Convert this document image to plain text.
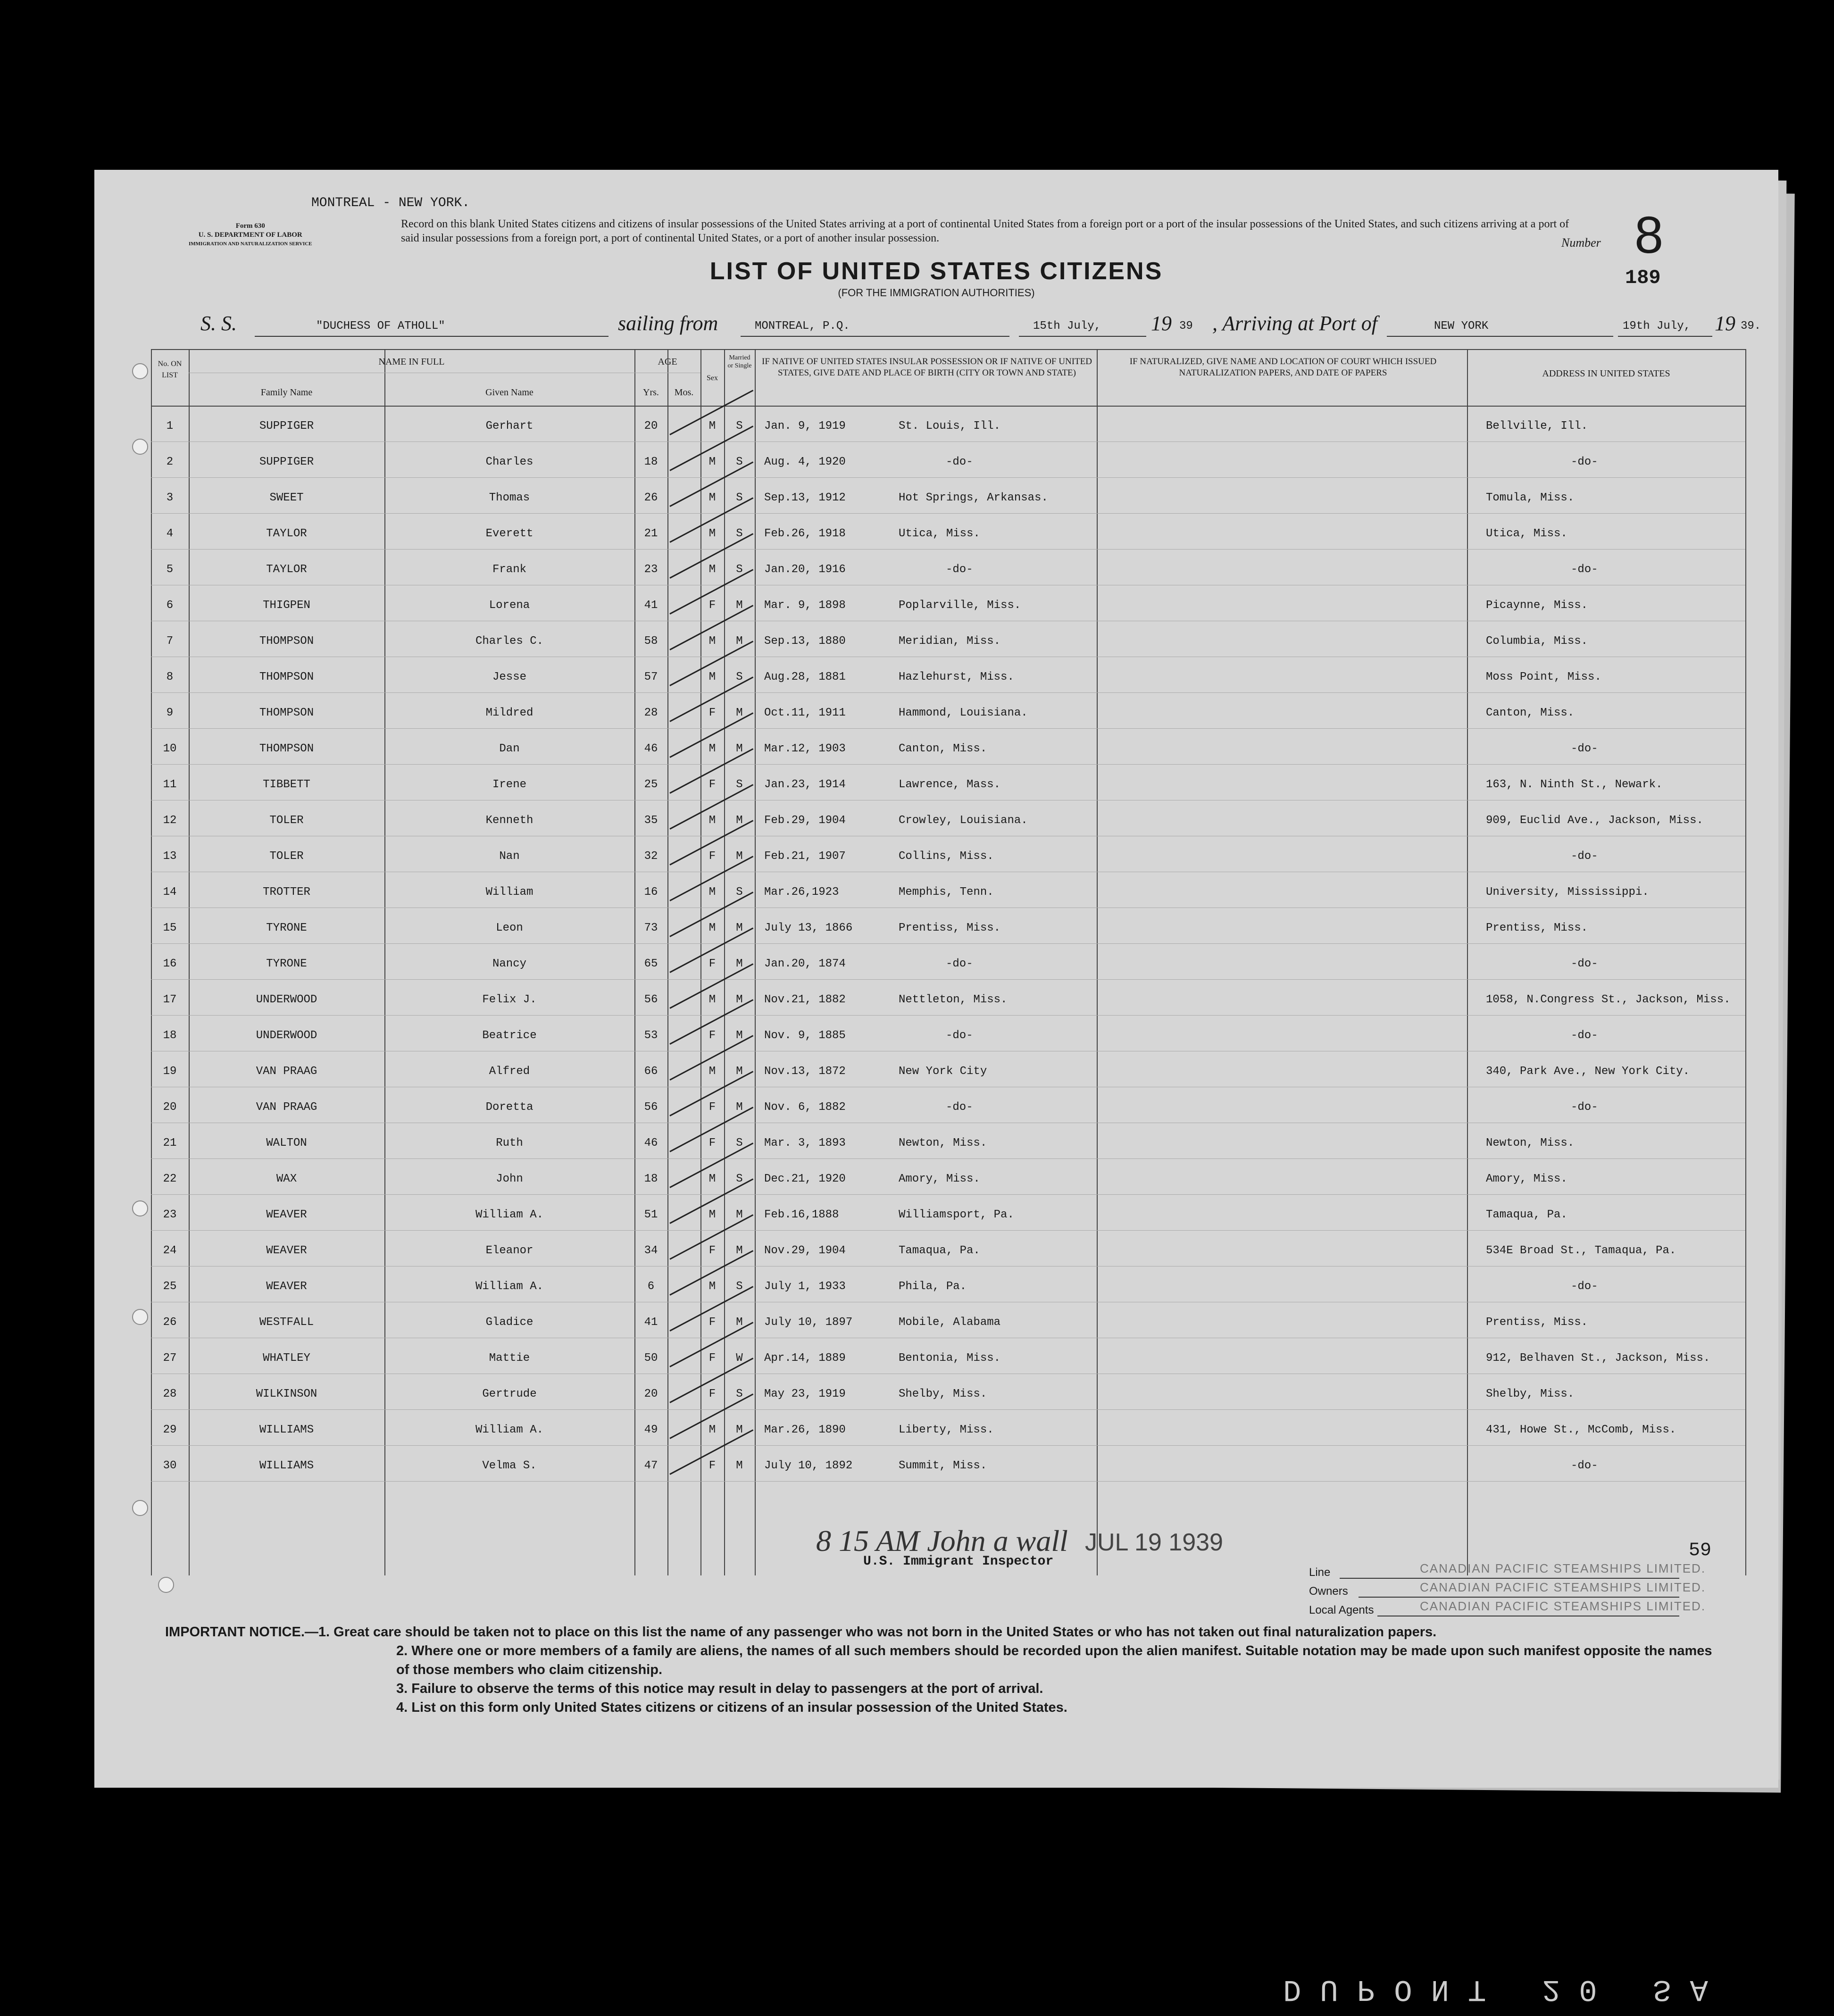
Form 630
U. S. DEPARTMENT OF LABOR
IMMIGRATION AND NATURALIZATION SERVICE
MONTREAL - NEW YORK.
Record on this blank United States citizens and citizens of insular possessions of the United States arriving at a port of continental United States from a foreign port or a port of the insular possessions of the United States, and such citizens arriving at a port of said insular possessions from a foreign port, a port of continental United States, or a port of another insular possession.	Number 8
189
LIST OF UNITED STATES CITIZENS
(FOR THE IMMIGRATION AUTHORITIES)
S. S.	"DUCHESS OF ATHOLL"	sailing from	MONTREAL, P.Q.	15th July, 19 39 , Arriving at Port of	NEW YORK	19th July, 19 39.
No. ON LIST
NAME IN FULL
Family Name	Given Name
AGE
Yrs.	Mos.
Sex
Married or Single IF NATIVE OF UNITED STATES INSULAR POSSESSION OR IF NATIVE OF UNITED STATES, GIVE DATE AND PLACE OF BIRTH (CITY OR TOWN AND STATE)
IF NATURALIZED, GIVE NAME AND LOCATION OF COURT WHICH ISSUED NATURALIZATION PAPERS, AND DATE OF PAPERS	ADDRESS IN UNITED STATES
1	SUPPIGER	Gerhart	20	M	S	Jan. 9, 1919	St. Louis, Ill.	Bellville, Ill.
2	SUPPIGER	Charles	18	M	S	Aug. 4, 1920	-do-	-do-
3	SWEET	Thomas	26	M	S	Sep.13, 1912	Hot Springs, Arkansas.	Tomula, Miss.
4	TAYLOR	Everett	21	M	S	Feb.26, 1918	Utica, Miss.	Utica, Miss.
5	TAYLOR	Frank	23	M	S	Jan.20, 1916	-do-	-do-
6	THIGPEN	Lorena	41	F	M	Mar. 9, 1898	Poplarville, Miss.	Picaynne, Miss.
7	THOMPSON	Charles C.	58	M	M	Sep.13, 1880	Meridian, Miss.	Columbia, Miss.
8	THOMPSON	Jesse	57	M	S	Aug.28, 1881	Hazlehurst, Miss.	Moss Point, Miss.
9	THOMPSON	Mildred	28	F	M	Oct.11, 1911	Hammond, Louisiana.	Canton, Miss.
10	THOMPSON	Dan	46	M	M	Mar.12, 1903	Canton, Miss.	-do-
11	TIBBETT	Irene	25	F	S	Jan.23, 1914	Lawrence, Mass.	163, N. Ninth St., Newark.
12	TOLER	Kenneth	35	M	M	Feb.29, 1904	Crowley, Louisiana.	909, Euclid Ave., Jackson, Miss.
13	TOLER	Nan	32	F	M	Feb.21, 1907	Collins, Miss.	-do-
14	TROTTER	William	16	M	S	Mar.26,1923	Memphis, Tenn.	University, Mississippi.
15	TYRONE	Leon	73	M	M	July 13, 1866	Prentiss, Miss.	Prentiss, Miss.
16	TYRONE	Nancy	65	F	M	Jan.20, 1874	-do-	-do-
17	UNDERWOOD	Felix J.	56	M	M	Nov.21, 1882	Nettleton, Miss.	1058, N.Congress St., Jackson, Miss.
18	UNDERWOOD	Beatrice	53	F	M	Nov. 9, 1885	-do-	-do-
19	VAN PRAAG	Alfred	66	M	M	Nov.13, 1872	New York City	340, Park Ave., New York City.
20	VAN PRAAG	Doretta	56	F	M	Nov. 6, 1882	-do-	-do-
21	WALTON	Ruth	46	F	S	Mar. 3, 1893	Newton, Miss.	Newton, Miss.
22	WAX	John	18	M	S	Dec.21, 1920	Amory, Miss.	Amory, Miss.
23	WEAVER	William A.	51	M	M	Feb.16,1888	Williamsport, Pa.	Tamaqua, Pa.
24	WEAVER	Eleanor	34	F	M	Nov.29, 1904	Tamaqua, Pa.	534E Broad St., Tamaqua, Pa.
25	WEAVER	William A.	6	M	S	July 1, 1933	Phila, Pa.	-do-
26	WESTFALL	Gladice	41	F	M	July 10, 1897	Mobile, Alabama	Prentiss, Miss.
27	WHATLEY	Mattie	50	F	W	Apr.14, 1889	Bentonia, Miss.	912, Belhaven St., Jackson, Miss.
28	WILKINSON	Gertrude	20	F	S	May 23, 1919	Shelby, Miss.	Shelby, Miss.
29	WILLIAMS	William A.	49	M	M	Mar.26, 1890	Liberty, Miss.	431, Howe St., McComb, Miss.
30	WILLIAMS	Velma S.	47	F	M	July 10, 1892	Summit, Miss.	-do-
8 15 AM John a wall JUL 19 1939
U.S. Immigrant Inspector
59
Line	CANADIAN PACIFIC STEAMSHIPS LIMITED.
Owners	CANADIAN PACIFIC STEAMSHIPS LIMITED.
Local Agents	CANADIAN PACIFIC STEAMSHIPS LIMITED.
IMPORTANT NOTICE.—1. Great care should be taken not to place on this list the name of any passenger who was not born in the United States or who has not taken out final naturalization papers.
2. Where one or more members of a family are aliens, the names of all such members should be recorded upon the alien manifest. Suitable notation may be made upon such manifest opposite the names of those members who claim citizenship.
3. Failure to observe the terms of this notice may result in delay to passengers at the port of arrival.
4. List on this form only United States citizens or citizens of an insular possession of the United States.
DUPONT 20 SA
